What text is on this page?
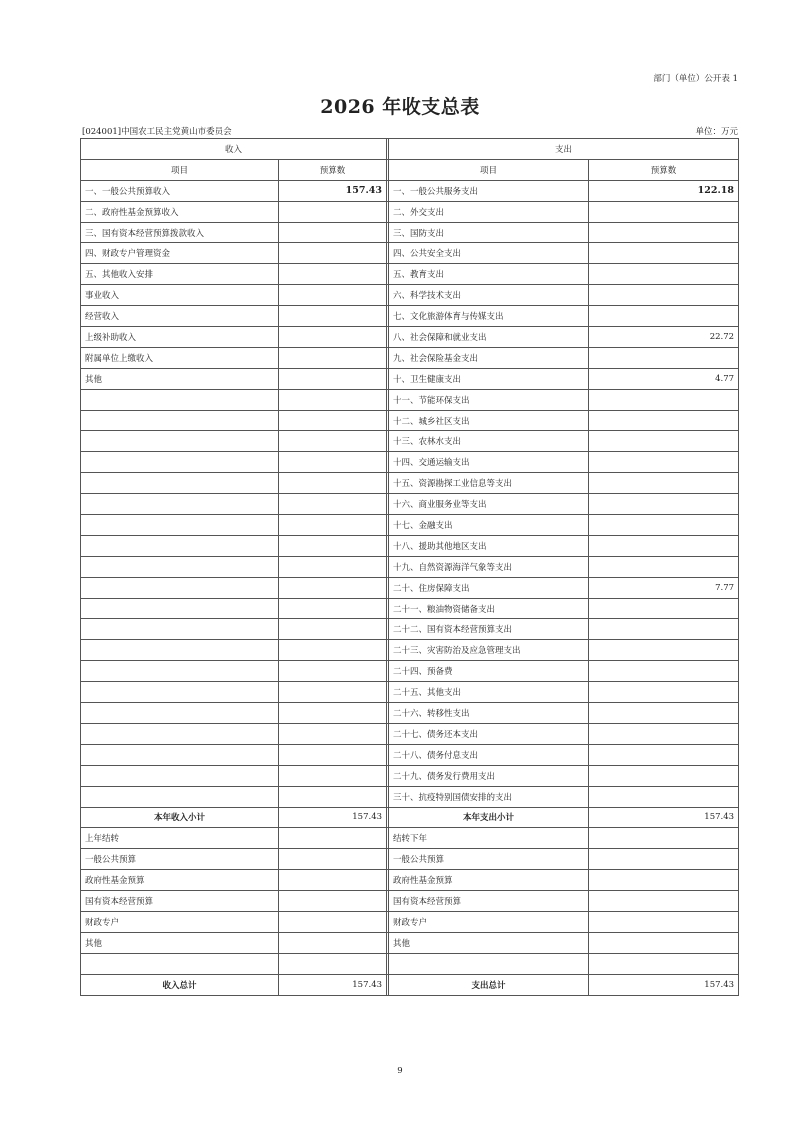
部门（单位）公开表 1
2026 年收支总表
[024001]中国农工民主党黄山市委员会	单位：万元
收入			支出	
项目	预算数		项目	预算数
一、一般公共预算收入	157.43		一、一般公共服务支出	122.18
二、政府性基金预算收入			二、外交支出	
三、国有资本经营预算拨款收入			三、国防支出	
四、财政专户管理资金			四、公共安全支出	
五、其他收入安排			五、教育支出	
事业收入			六、科学技术支出	
经营收入			七、文化旅游体育与传媒支出	
上级补助收入			八、社会保障和就业支出	22.72
附属单位上缴收入			九、社会保险基金支出	
其他			十、卫生健康支出	4.77
			十一、节能环保支出	
			十二、城乡社区支出	
			十三、农林水支出	
			十四、交通运输支出	
			十五、资源勘探工业信息等支出	
			十六、商业服务业等支出	
			十七、金融支出	
			十八、援助其他地区支出	
			十九、自然资源海洋气象等支出	
			二十、住房保障支出	7.77
			二十一、粮油物资储备支出	
			二十二、国有资本经营预算支出	
			二十三、灾害防治及应急管理支出	
			二十四、预备费	
			二十五、其他支出	
			二十六、转移性支出	
			二十七、债务还本支出	
			二十八、债务付息支出	
			二十九、债务发行费用支出	
			三十、抗疫特别国债安排的支出	
本年收入小计	157.43		本年支出小计	157.43
上年结转			结转下年	
一般公共预算			一般公共预算	
政府性基金预算			政府性基金预算	
国有资本经营预算			国有资本经营预算	
财政专户			财政专户	
其他			其他	

收入总计	157.43		支出总计	157.43
9
